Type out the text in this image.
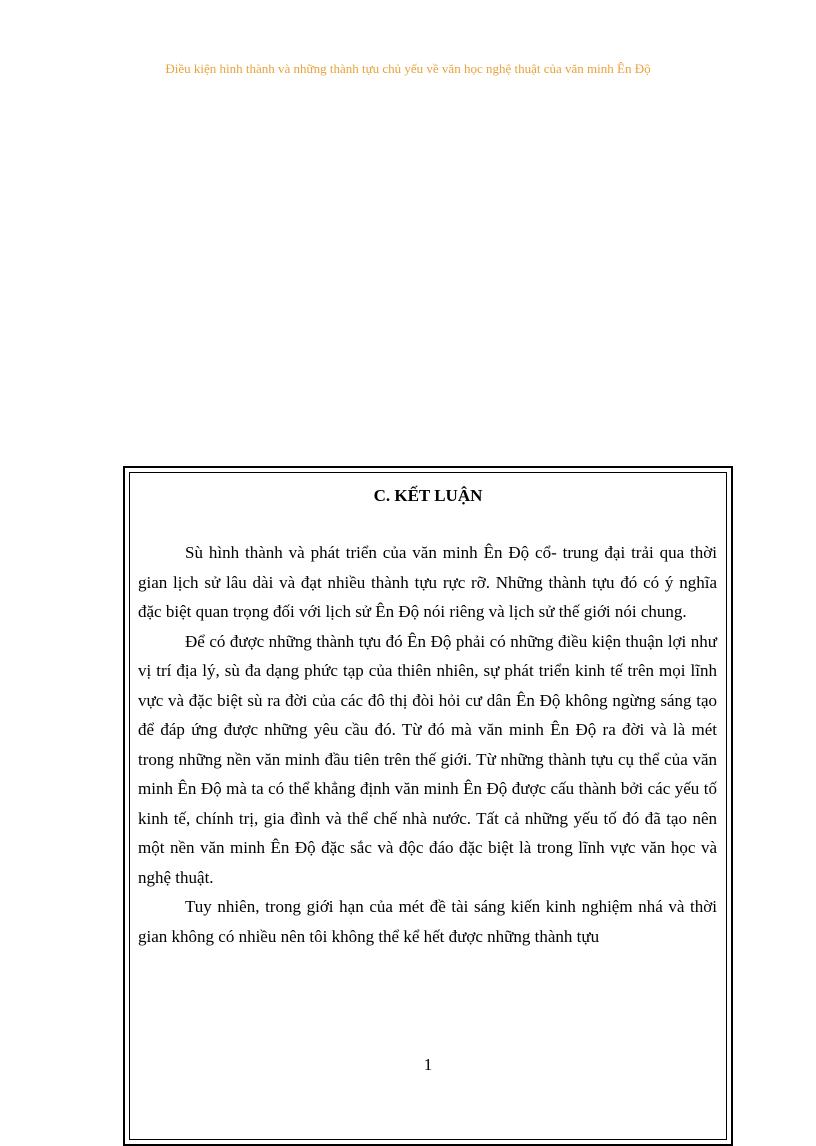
Điều kiện hình thành và những thành tựu chủ yếu về văn học nghệ thuật của văn minh Ên Độ
C. KẾT LUẬN

Sù hình thành và phát triển của văn minh Ên Độ cổ- trung đại trải qua thời gian lịch sử lâu dài và đạt nhiều thành tựu rực rỡ. Những thành tựu đó có ý nghĩa đặc biệt quan trọng đối với lịch sử Ên Độ nói riêng và lịch sử thế giới nói chung.

Để có được những thành tựu đó Ên Độ phải có những điều kiện thuận lợi như vị trí địa lý, sù đa dạng phức tạp của thiên nhiên, sự phát triển kinh tế trên mọi lĩnh vực và đặc biệt sù ra đời của các đô thị đòi hỏi cư dân Ên Độ không ngừng sáng tạo để đáp ứng được những yêu cầu đó. Từ đó mà văn minh Ên Độ ra đời và là mét trong những nền văn minh đầu tiên trên thế giới. Từ những thành tựu cụ thể của văn minh Ên Độ mà ta có thể khẳng định văn minh Ên Độ được cấu thành bởi các yếu tố kinh tế, chính trị, gia đình và thể chế nhà nước. Tất cả những yếu tố đó đã tạo nên một nền văn minh Ên Độ đặc sắc và độc đáo đặc biệt là trong lĩnh vực văn học và nghệ thuật.

Tuy nhiên, trong giới hạn của mét đề tài sáng kiến kinh nghiệm nhá và thời gian không có nhiều nên tôi không thể kể hết được những thành tựu

1
